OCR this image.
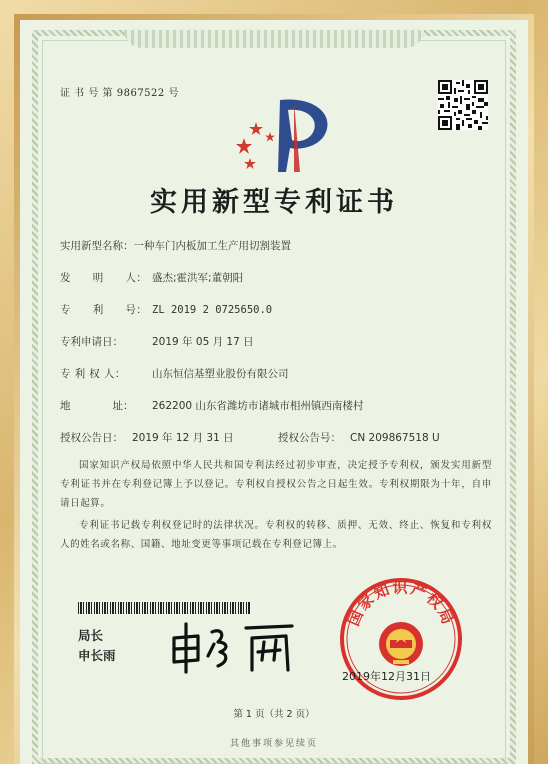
证 书 号 第 9867522 号
实用新型专利证书
实用新型名称：一种车门内板加工生产用切割装置
发　　明　　人： 盛杰;霍洪军;董朝阳
专　　利　　号： ZL 2019 2 0725650.0
专利申请日：	2019 年 05 月 17 日
专 利 权 人：	山东恒信基塑业股份有限公司
地　　　　址： 262200 山东省潍坊市诸城市相州镇西南楼村
授权公告日： 2019 年 12 月 31 日	授权公告号： CN 209867518 U
国家知识产权局依照中华人民共和国专利法经过初步审查，决定授予专利权，颁发实用新型专利证书并在专利登记簿上予以登记。专利权自授权公告之日起生效。专利权期限为十年，自申请日起算。
专利证书记载专利权登记时的法律状况。专利权的转移、质押、无效、终止、恢复和专利权人的姓名或名称、国籍、地址变更等事项记载在专利登记簿上。
局长
申长雨
国家知识产权局
2019年12月31日
第 1 页（共 2 页）
其他事项参见续页
